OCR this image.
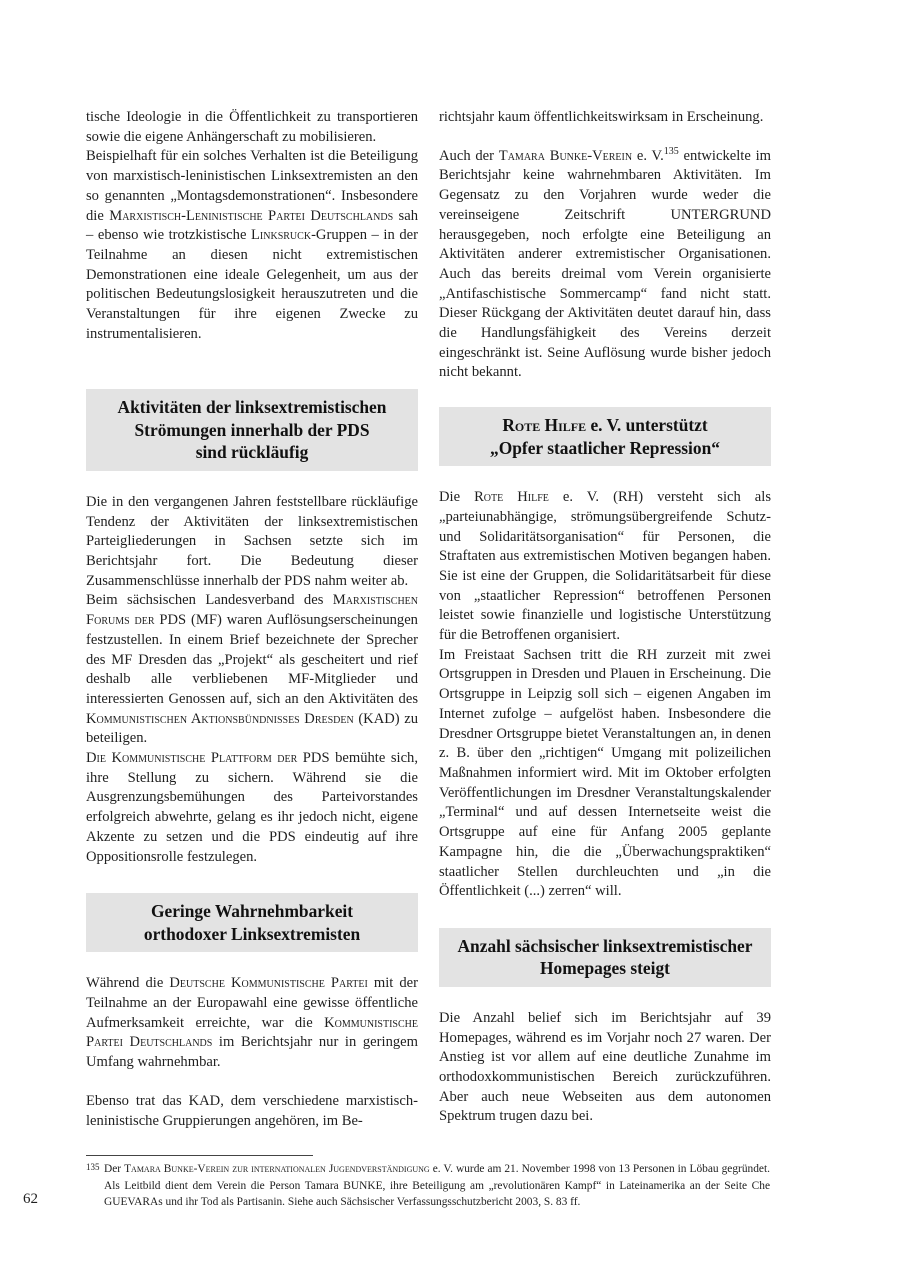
tische Ideologie in die Öffentlichkeit zu transportieren sowie die eigene Anhängerschaft zu mobilisieren.

Beispielhaft für ein solches Verhalten ist die Beteiligung von marxistisch-leninistischen Linksextremisten an den so genannten „Montagsdemonstrationen“. Insbesondere die Marxistisch-Leninistische Partei Deutschlands sah – ebenso wie trotzkistische Linksruck-Gruppen – in der Teilnahme an diesen nicht extremistischen Demonstrationen eine ideale Gelegenheit, um aus der politischen Bedeutungslosigkeit herauszutreten und die Veranstaltungen für ihre eigenen Zwecke zu instrumentalisieren.

Aktivitäten der linksextremistischen
Strömungen innerhalb der PDS
sind rückläufig

Die in den vergangenen Jahren feststellbare rückläufige Tendenz der Aktivitäten der linksextremistischen Parteigliederungen in Sachsen setzte sich im Berichtsjahr fort. Die Bedeutung dieser Zusammenschlüsse innerhalb der PDS nahm weiter ab.

Beim sächsischen Landesverband des Marxistischen Forums der PDS (MF) waren Auflösungserscheinungen festzustellen. In einem Brief bezeichnete der Sprecher des MF Dresden das „Projekt“ als gescheitert und rief deshalb alle verbliebenen MF-Mitglieder und interessierten Genossen auf, sich an den Aktivitäten des Kommunistischen Aktionsbündnisses Dresden (KAD) zu beteiligen.

Die Kommunistische Plattform der PDS bemühte sich, ihre Stellung zu sichern. Während sie die Ausgrenzungsbemühungen des Parteivorstandes erfolgreich abwehrte, gelang es ihr jedoch nicht, eigene Akzente zu setzen und die PDS eindeutig auf ihre Oppositionsrolle festzulegen.

Geringe Wahrnehmbarkeit
orthodoxer Linksextremisten

Während die Deutsche Kommunistische Partei mit der Teilnahme an der Europawahl eine gewisse öffentliche Aufmerksamkeit erreichte, war die Kommunistische Partei Deutschlands im Berichtsjahr nur in geringem Umfang wahrnehmbar.

Ebenso trat das KAD, dem verschiedene marxistisch-leninistische Gruppierungen angehören, im Be-

richtsjahr kaum öffentlichkeitswirksam in Erscheinung.

Auch der Tamara Bunke-Verein e. V.$^{135}$ entwickelte im Berichtsjahr keine wahrnehmbaren Aktivitäten. Im Gegensatz zu den Vorjahren wurde weder die vereinseigene Zeitschrift UNTERGRUND herausgegeben, noch erfolgte eine Beteiligung an Aktivitäten anderer extremistischer Organisationen. Auch das bereits dreimal vom Verein organisierte „Antifaschistische Sommercamp“ fand nicht statt. Dieser Rückgang der Aktivitäten deutet darauf hin, dass die Handlungsfähigkeit des Vereins derzeit eingeschränkt ist. Seine Auflösung wurde bisher jedoch nicht bekannt.

Rote Hilfe e. V. unterstützt
„Opfer staatlicher Repression“

Die Rote Hilfe e. V. (RH) versteht sich als „parteiunabhängige, strömungsübergreifende Schutz- und Solidaritätsorganisation“ für Personen, die Straftaten aus extremistischen Motiven begangen haben. Sie ist eine der Gruppen, die Solidaritätsarbeit für diese von „staatlicher Repression“ betroffenen Personen leistet sowie finanzielle und logistische Unterstützung für die Betroffenen organisiert.

Im Freistaat Sachsen tritt die RH zurzeit mit zwei Ortsgruppen in Dresden und Plauen in Erscheinung. Die Ortsgruppe in Leipzig soll sich – eigenen Angaben im Internet zufolge – aufgelöst haben. Insbesondere die Dresdner Ortsgruppe bietet Veranstaltungen an, in denen z. B. über den „richtigen“ Umgang mit polizeilichen Maßnahmen informiert wird. Mit im Oktober erfolgten Veröffentlichungen im Dresdner Veranstaltungskalender „Terminal“ und auf dessen Internetseite weist die Ortsgruppe auf eine für Anfang 2005 geplante Kampagne hin, die die „Überwachungspraktiken“ staatlicher Stellen durchleuchten und „in die Öffentlichkeit (...) zerren“ will.

Anzahl sächsischer linksextremistischer
Homepages steigt

Die Anzahl belief sich im Berichtsjahr auf 39 Homepages, während es im Vorjahr noch 27 waren. Der Anstieg ist vor allem auf eine deutliche Zunahme im orthodoxkommunistischen Bereich zurückzuführen. Aber auch neue Webseiten aus dem autonomen Spektrum trugen dazu bei.

135 Der Tamara Bunke-Verein zur internationalen Jugendverständigung e. V. wurde am 21. November 1998 von 13 Personen in Löbau gegründet. Als Leitbild dient dem Verein die Person Tamara BUNKE, ihre Beteiligung am „revolutionären Kampf“ in Lateinamerika an der Seite Che GUEVARAs und ihr Tod als Partisanin. Siehe auch Sächsischer Verfassungsschutzbericht 2003, S. 83 ff.
62
